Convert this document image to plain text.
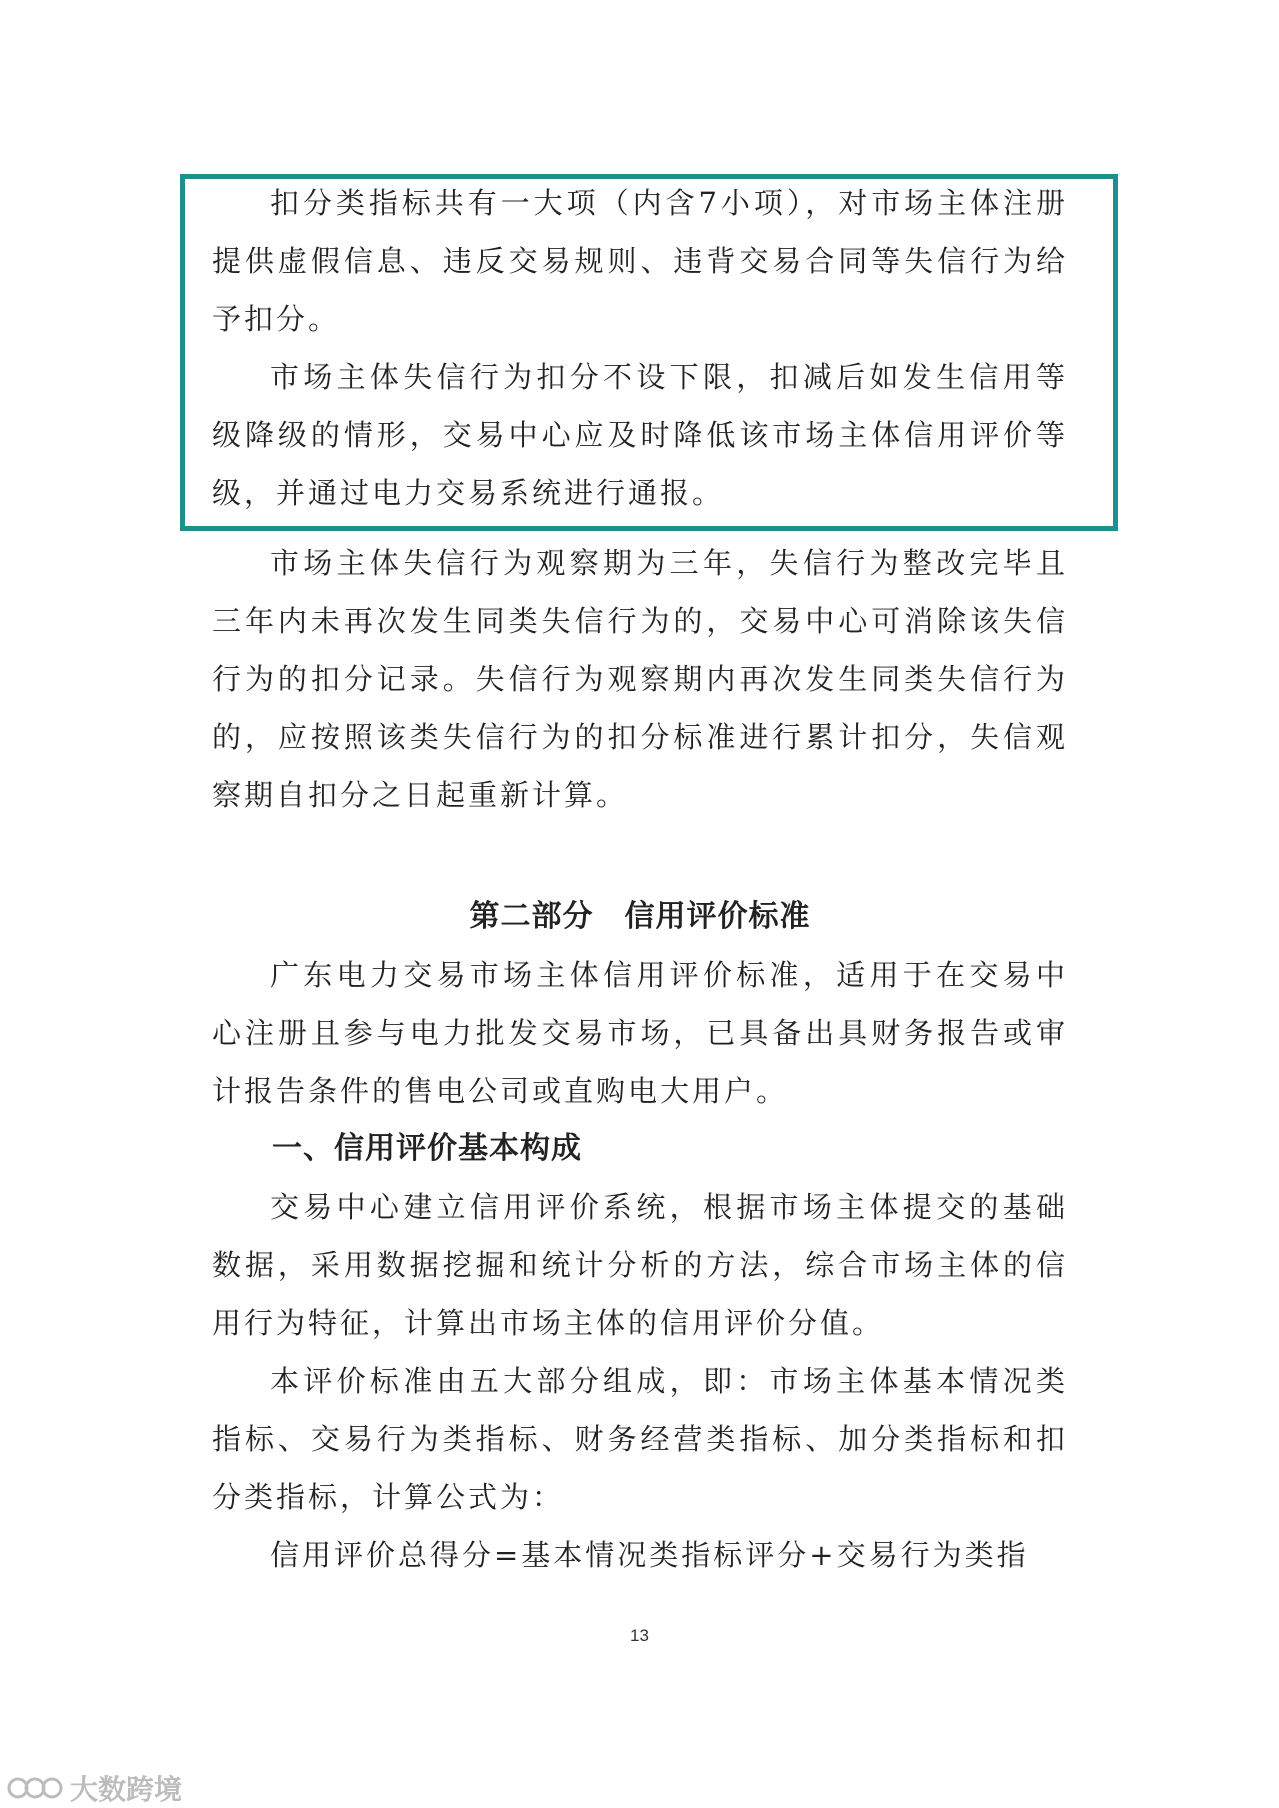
扣分类指标共有一大项（内含7小项），对市场主体注册提供虚假信息、违反交易规则、违背交易合同等失信行为给予扣分。

市场主体失信行为扣分不设下限，扣减后如发生信用等级降级的情形，交易中心应及时降低该市场主体信用评价等级，并通过电力交易系统进行通报。

市场主体失信行为观察期为三年，失信行为整改完毕且三年内未再次发生同类失信行为的，交易中心可消除该失信行为的扣分记录。失信行为观察期内再次发生同类失信行为的，应按照该类失信行为的扣分标准进行累计扣分，失信观察期自扣分之日起重新计算。

第二部分　信用评价标准

广东电力交易市场主体信用评价标准，适用于在交易中心注册且参与电力批发交易市场，已具备出具财务报告或审计报告条件的售电公司或直购电大用户。

一、信用评价基本构成

交易中心建立信用评价系统，根据市场主体提交的基础数据，采用数据挖掘和统计分析的方法，综合市场主体的信用行为特征，计算出市场主体的信用评价分值。

本评价标准由五大部分组成，即：市场主体基本情况类指标、交易行为类指标、财务经营类指标、加分类指标和扣分类指标，计算公式为：

信用评价总得分=基本情况类指标评分+交易行为类指

13
大数跨境
